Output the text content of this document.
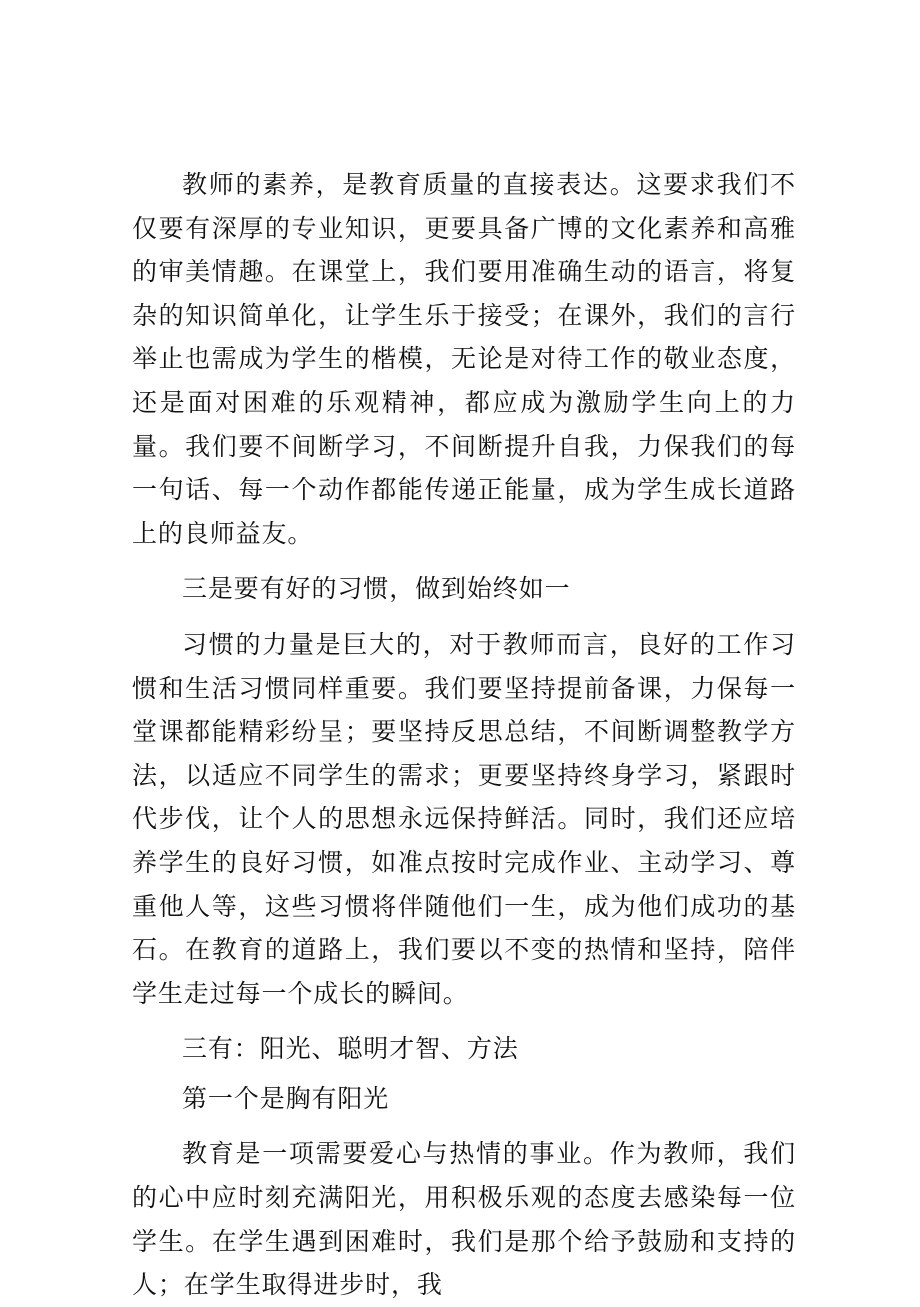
教师的素养，是教育质量的直接表达。这要求我们不仅要有深厚的专业知识，更要具备广博的文化素养和高雅的审美情趣。在课堂上，我们要用准确生动的语言，将复杂的知识简单化，让学生乐于接受；在课外，我们的言行举止也需成为学生的楷模，无论是对待工作的敬业态度，还是面对困难的乐观精神，都应成为激励学生向上的力量。我们要不间断学习，不间断提升自我，力保我们的每一句话、每一个动作都能传递正能量，成为学生成长道路上的良师益友。

三是要有好的习惯，做到始终如一

习惯的力量是巨大的，对于教师而言，良好的工作习惯和生活习惯同样重要。我们要坚持提前备课，力保每一堂课都能精彩纷呈；要坚持反思总结，不间断调整教学方法，以适应不同学生的需求；更要坚持终身学习，紧跟时代步伐，让个人的思想永远保持鲜活。同时，我们还应培养学生的良好习惯，如准点按时完成作业、主动学习、尊重他人等，这些习惯将伴随他们一生，成为他们成功的基石。在教育的道路上，我们要以不变的热情和坚持，陪伴学生走过每一个成长的瞬间。

三有：阳光、聪明才智、方法

第一个是胸有阳光

教育是一项需要爱心与热情的事业。作为教师，我们的心中应时刻充满阳光，用积极乐观的态度去感染每一位学生。在学生遇到困难时，我们是那个给予鼓励和支持的人；在学生取得进步时，我
